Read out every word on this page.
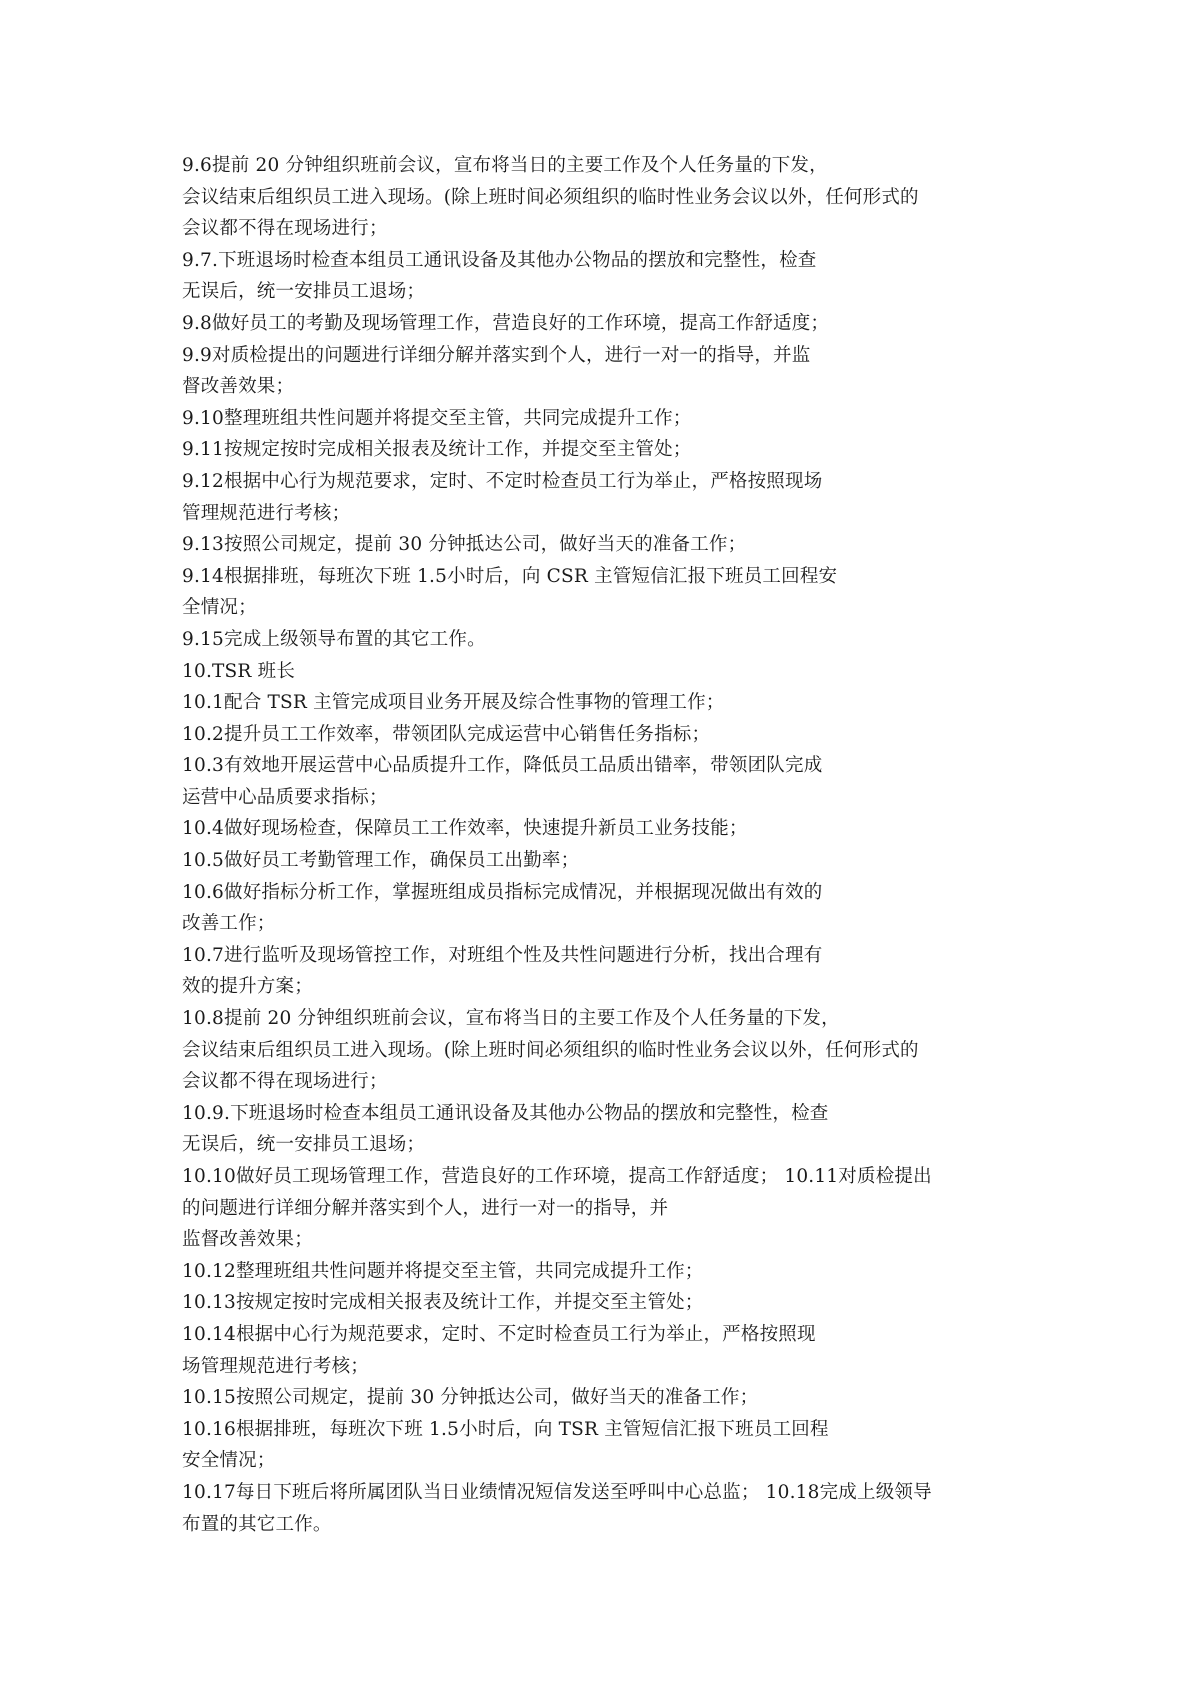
9.6提前 20 分钟组织班前会议，宣布将当日的主要工作及个人任务量的下发，
会议结束后组织员工进入现场。(除上班时间必须组织的临时性业务会议以外，任何形式的
会议都不得在现场进行；
9.7.下班退场时检查本组员工通讯设备及其他办公物品的摆放和完整性，检查
无误后，统一安排员工退场；
9.8做好员工的考勤及现场管理工作，营造良好的工作环境，提高工作舒适度；
9.9对质检提出的问题进行详细分解并落实到个人，进行一对一的指导，并监
督改善效果；
9.10整理班组共性问题并将提交至主管，共同完成提升工作；
9.11按规定按时完成相关报表及统计工作，并提交至主管处；
9.12根据中心行为规范要求，定时、不定时检查员工行为举止，严格按照现场
管理规范进行考核；
9.13按照公司规定，提前 30 分钟抵达公司，做好当天的准备工作；
9.14根据排班，每班次下班 1.5小时后，向 CSR 主管短信汇报下班员工回程安
全情况；
9.15完成上级领导布置的其它工作。
10.TSR 班长
10.1配合 TSR 主管完成项目业务开展及综合性事物的管理工作；
10.2提升员工工作效率，带领团队完成运营中心销售任务指标；
10.3有效地开展运营中心品质提升工作，降低员工品质出错率，带领团队完成
运营中心品质要求指标；
10.4做好现场检查，保障员工工作效率，快速提升新员工业务技能；
10.5做好员工考勤管理工作，确保员工出勤率；
10.6做好指标分析工作，掌握班组成员指标完成情况，并根据现况做出有效的
改善工作；
10.7进行监听及现场管控工作，对班组个性及共性问题进行分析，找出合理有
效的提升方案；
10.8提前 20 分钟组织班前会议，宣布将当日的主要工作及个人任务量的下发，
会议结束后组织员工进入现场。(除上班时间必须组织的临时性业务会议以外，任何形式的
会议都不得在现场进行；
10.9.下班退场时检查本组员工通讯设备及其他办公物品的摆放和完整性，检查
无误后，统一安排员工退场；
10.10做好员工现场管理工作，营造良好的工作环境，提高工作舒适度； 10.11对质检提出
的问题进行详细分解并落实到个人，进行一对一的指导，并
监督改善效果；
10.12整理班组共性问题并将提交至主管，共同完成提升工作；
10.13按规定按时完成相关报表及统计工作，并提交至主管处；
10.14根据中心行为规范要求，定时、不定时检查员工行为举止，严格按照现
场管理规范进行考核；
10.15按照公司规定，提前 30 分钟抵达公司，做好当天的准备工作；
10.16根据排班，每班次下班 1.5小时后，向 TSR 主管短信汇报下班员工回程
安全情况；
10.17每日下班后将所属团队当日业绩情况短信发送至呼叫中心总监； 10.18完成上级领导
布置的其它工作。
